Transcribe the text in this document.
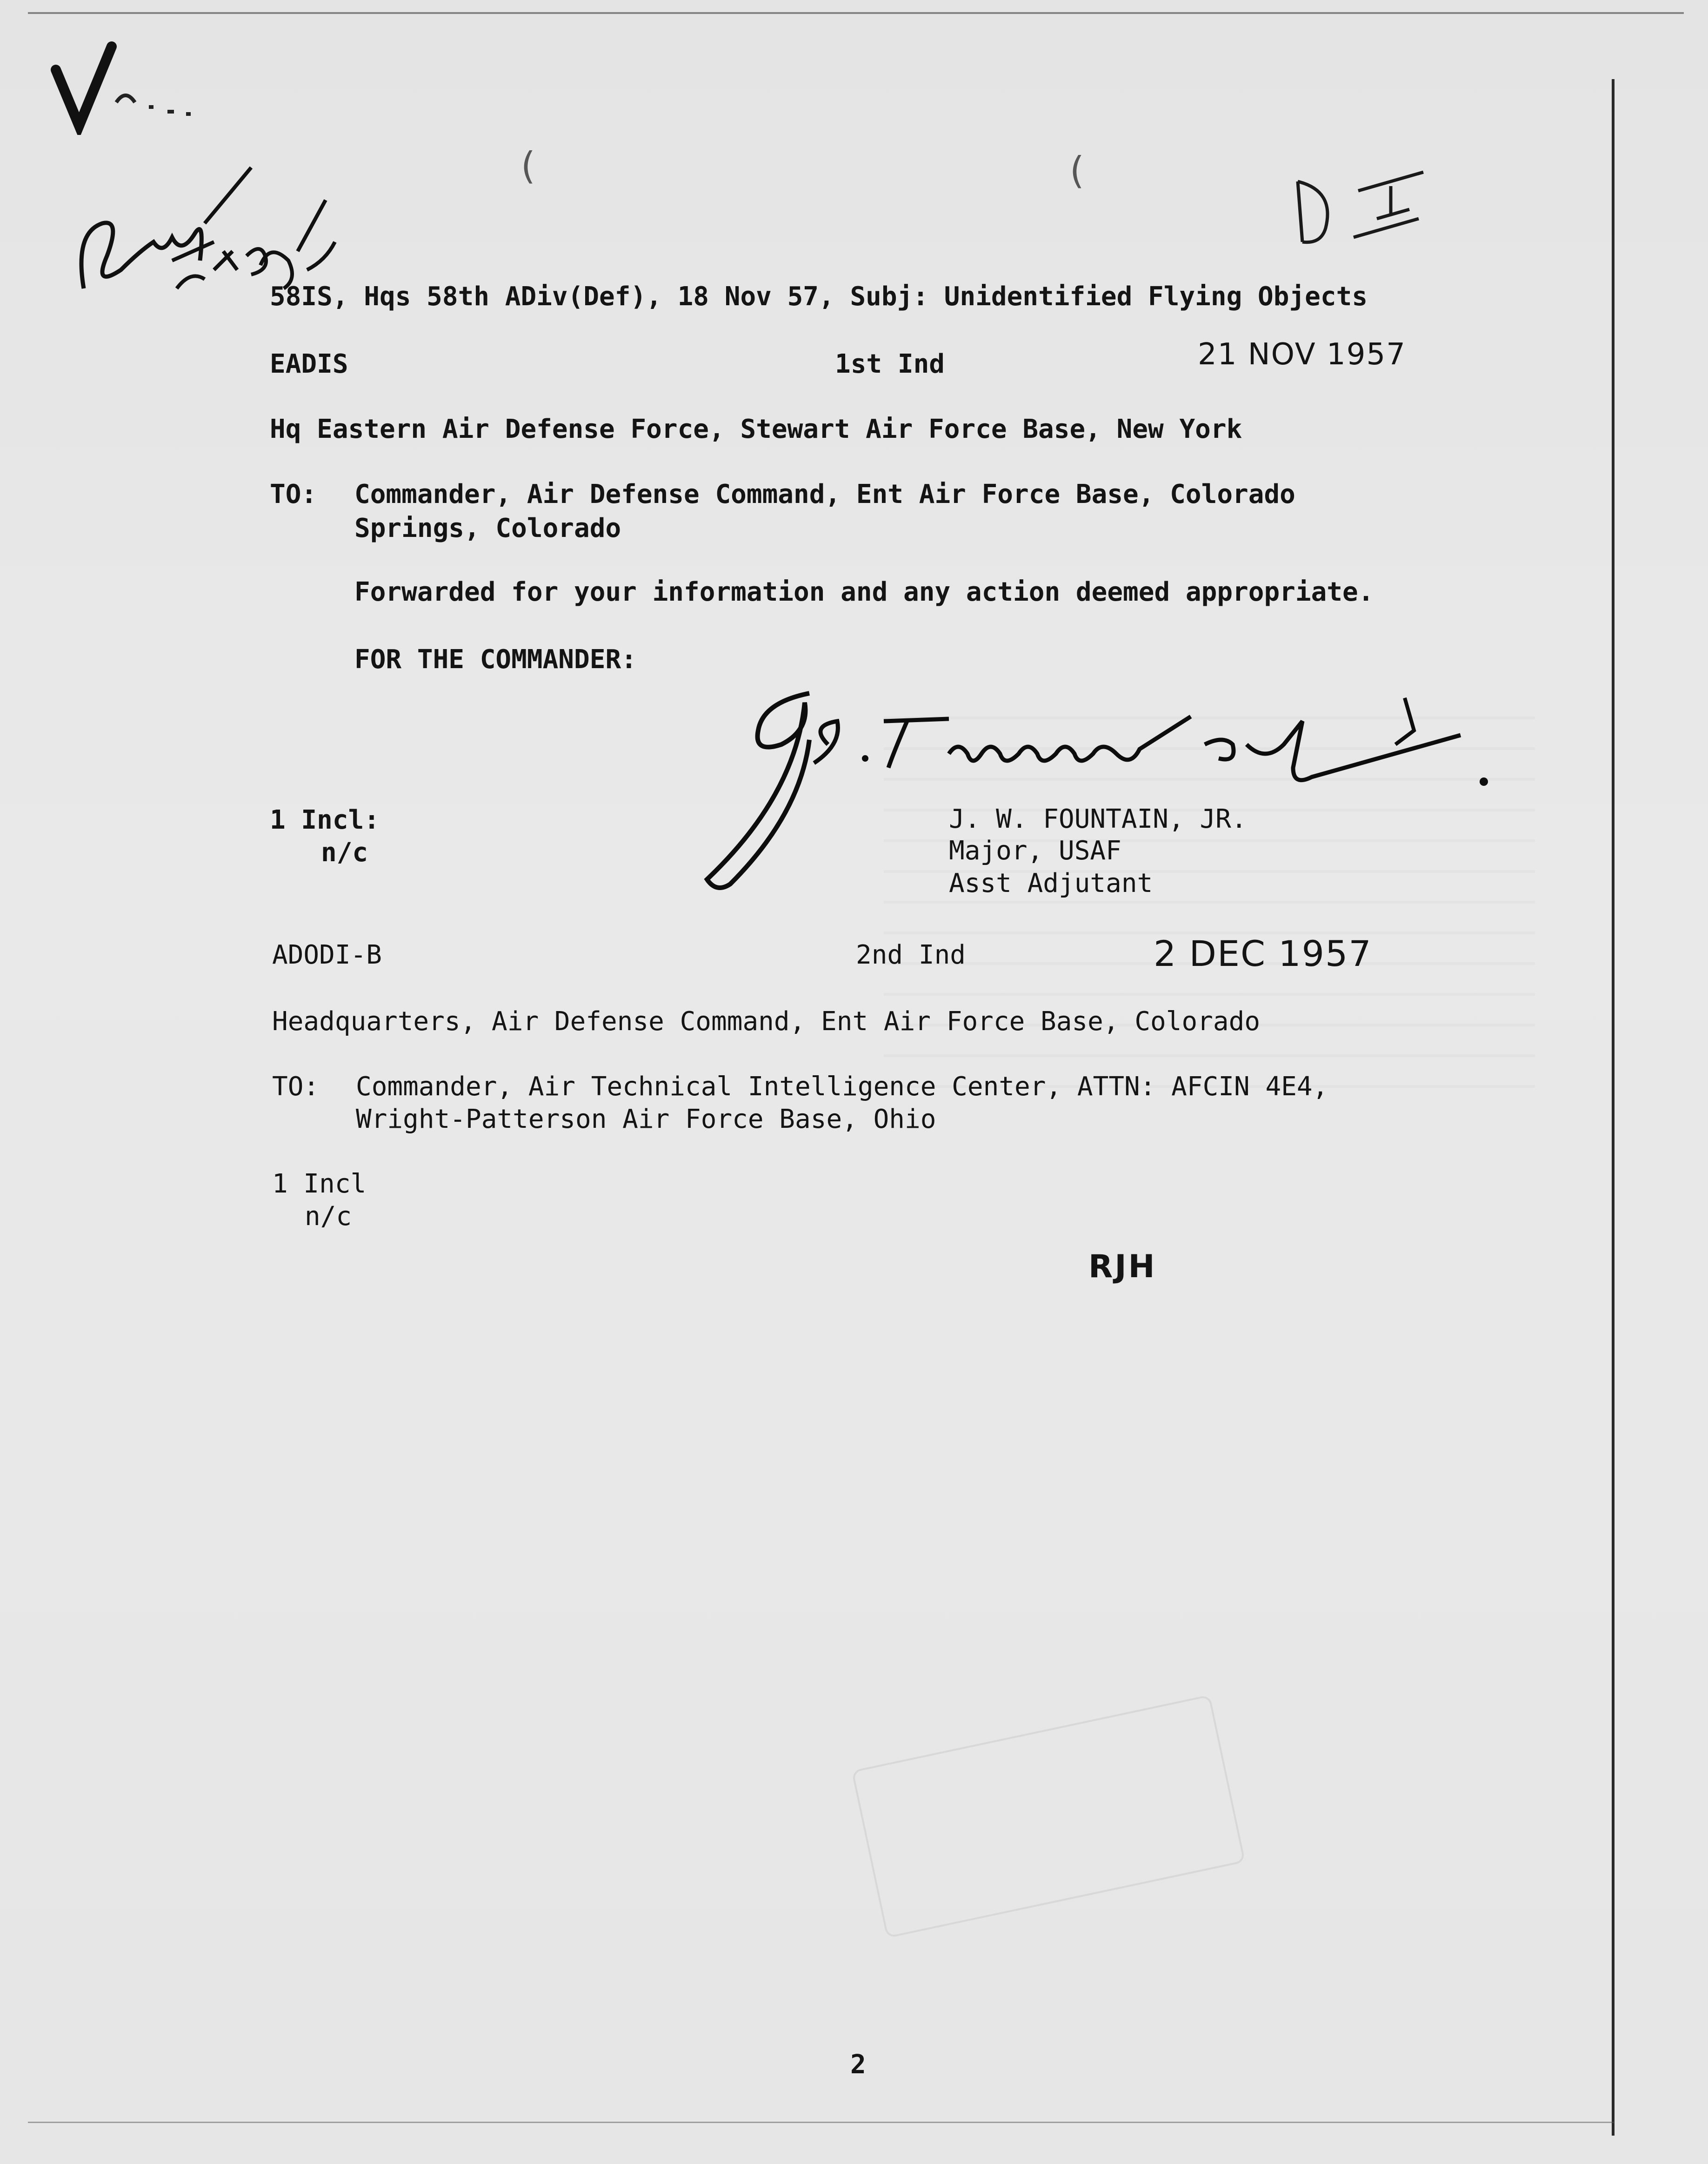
(	(
58IS, Hqs 58th ADiv(Def), 18 Nov 57, Subj: Unidentified Flying Objects
EADIS	1st Ind	21 NOV 1957
Hq Eastern Air Defense Force, Stewart Air Force Base, New York
TO: Commander, Air Defense Command, Ent Air Force Base, Colorado
Springs, Colorado
Forwarded for your information and any action deemed appropriate.
FOR THE COMMANDER:
1 Incl:
n/c
J. W. FOUNTAIN, JR.
Major, USAF
Asst Adjutant
ADODI-B	2nd Ind	2 DEC 1957
Headquarters, Air Defense Command, Ent Air Force Base, Colorado
TO: Commander, Air Technical Intelligence Center, ATTN: AFCIN 4E4,
Wright-Patterson Air Force Base, Ohio
1 Incl
n/c
RJH
2
